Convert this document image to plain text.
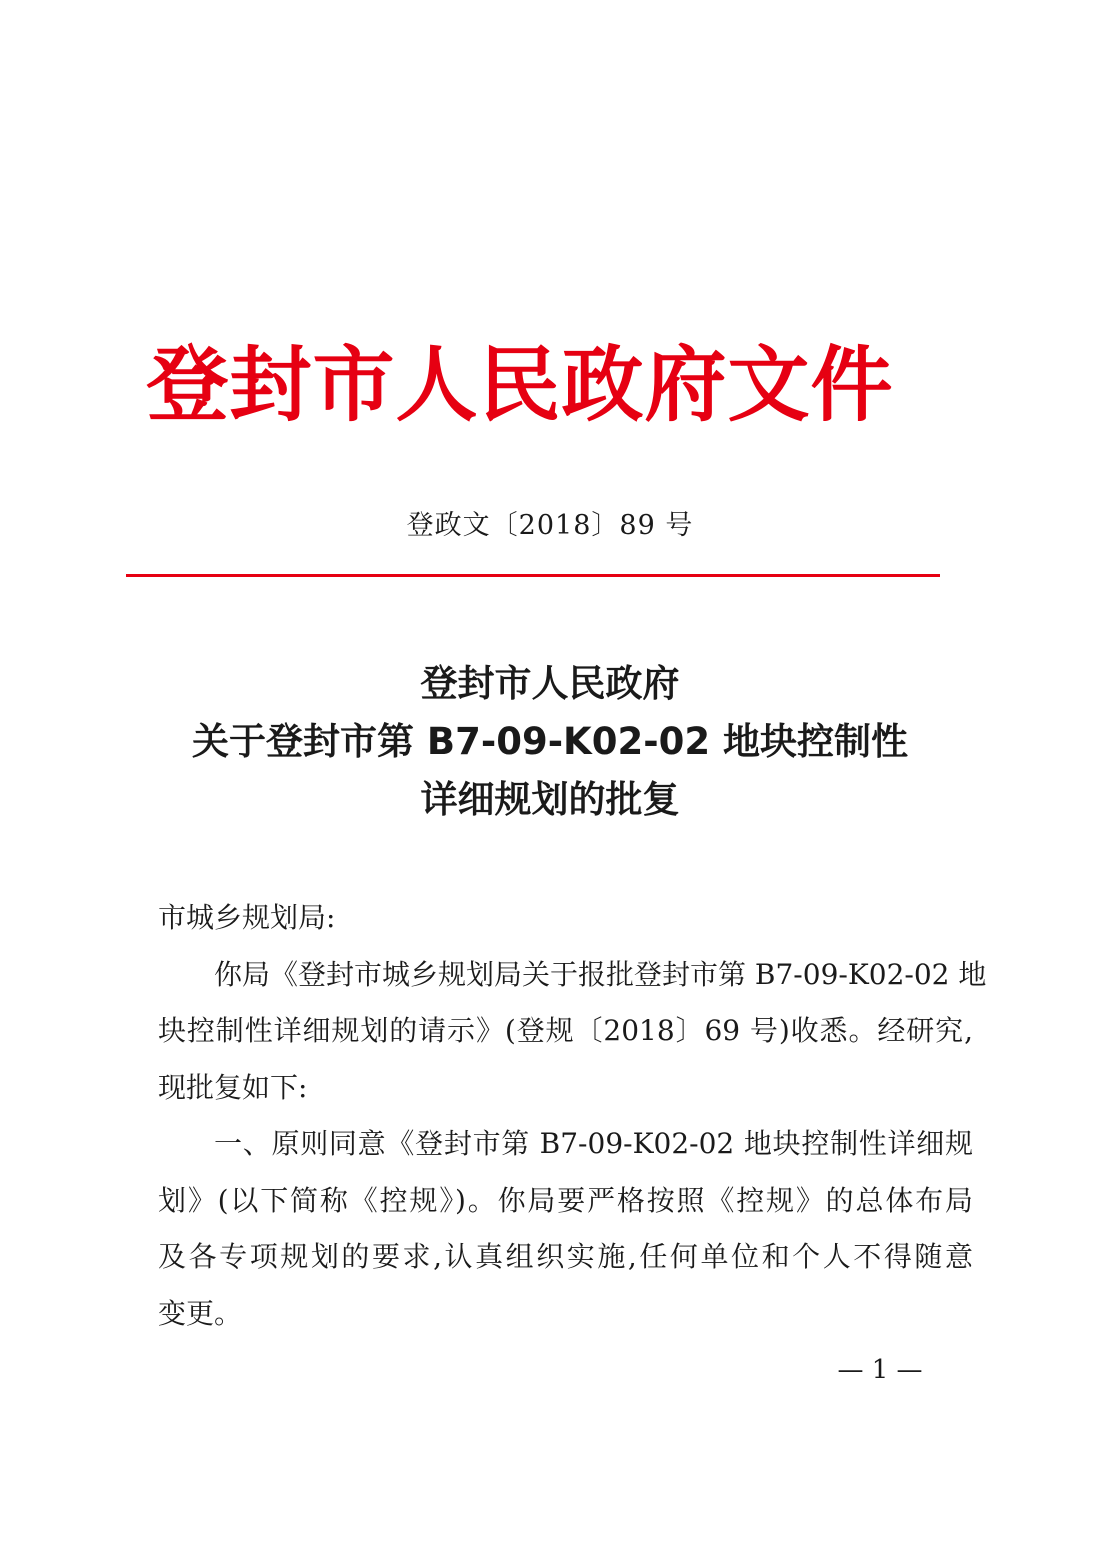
登封市人民政府文件
登政文〔2018〕89 号
登封市人民政府
关于登封市第 B7-09-K02-02 地块控制性
详细规划的批复
市城乡规划局:
你局《登封市城乡规划局关于报批登封市第 B7-09-K02-02 地
块控制性详细规划的请示》(登规〔2018〕69 号)收悉。经研究,
现批复如下:
一、原则同意《登封市第 B7-09-K02-02 地块控制性详细规
划》(以下简称《控规》)。你局要严格按照《控规》的总体布局
及各专项规划的要求,认真组织实施,任何单位和个人不得随意
变更。
— 1 —
